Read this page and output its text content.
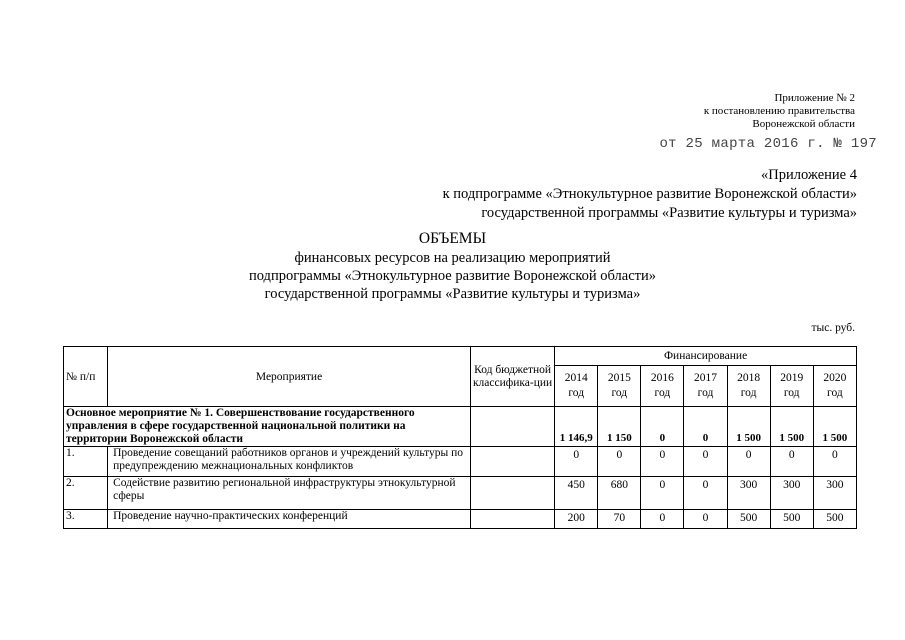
Приложение № 2
к постановлению правительства
Воронежской области
от 25 марта 2016 г. № 197
«Приложение 4
к подпрограмме «Этнокультурное развитие Воронежской области»
государственной программы «Развитие культуры и туризма»
ОБЪЕМЫ
финансовых ресурсов на реализацию мероприятий
подпрограммы «Этнокультурное развитие Воронежской области»
государственной программы «Развитие культуры и туризма»
тыс. руб.
№ п/п	Мероприятие	Код бюджетной классифика-ции	Финансирование						
			2014 год	2015 год	2016 год	2017 год	2018 год	2019 год	2020 год
Основное мероприятие № 1. Совершенствование государственного управления в сфере государственной национальной политики на территории Воронежской области			1 146,9	1 150	0	0	1 500	1 500	1 500
1.	Проведение совещаний работников органов и учреждений культуры по предупреждению межнациональных конфликтов		0	0	0	0	0	0	0
2.	Содействие развитию региональной инфраструктуры этнокультурной сферы		450	680	0	0	300	300	300
3.	Проведение научно-практических конференций		200	70	0	0	500	500	500
